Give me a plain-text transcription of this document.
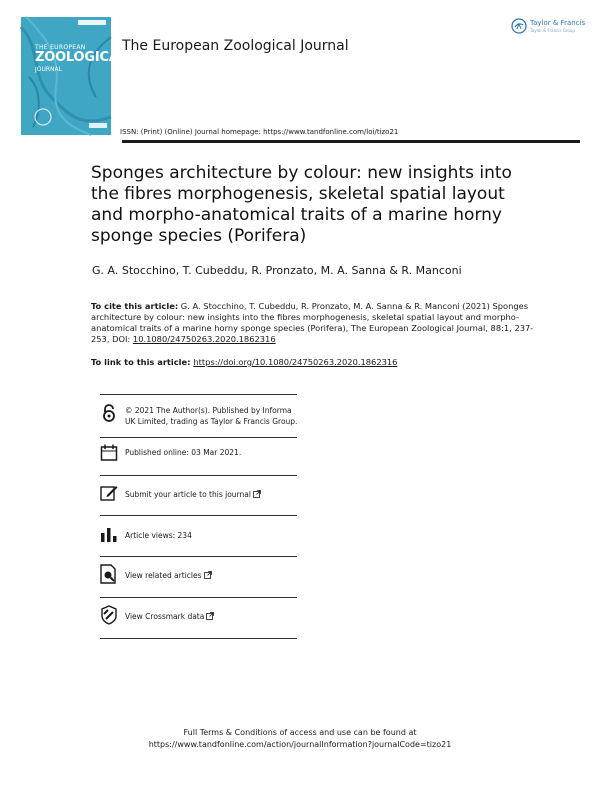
THE EUROPEAN
ZOOLOGICAL
JOURNAL
Taylor & Francis
Taylor & Francis Group
The European Zoological Journal
ISSN: (Print) (Online) Journal homepage: https://www.tandfonline.com/loi/tizo21
Sponges architecture by colour: new insights into the fibres morphogenesis, skeletal spatial layout and morpho-anatomical traits of a marine horny sponge species (Porifera)
G. A. Stocchino, T. Cubeddu, R. Pronzato, M. A. Sanna & R. Manconi
To cite this article: G. A. Stocchino, T. Cubeddu, R. Pronzato, M. A. Sanna & R. Manconi (2021) Sponges architecture by colour: new insights into the fibres morphogenesis, skeletal spatial layout and morpho-anatomical traits of a marine horny sponge species (Porifera), The European Zoological Journal, 88:1, 237-253, DOI: 10.1080/24750263.2020.1862316
To link to this article: https://doi.org/10.1080/24750263.2020.1862316
© 2021 The Author(s). Published by Informa UK Limited, trading as Taylor & Francis Group.
Published online: 03 Mar 2021.
Submit your article to this journal
Article views: 234
View related articles
View Crossmark data
Full Terms & Conditions of access and use can be found at
https://www.tandfonline.com/action/journalInformation?journalCode=tizo21
